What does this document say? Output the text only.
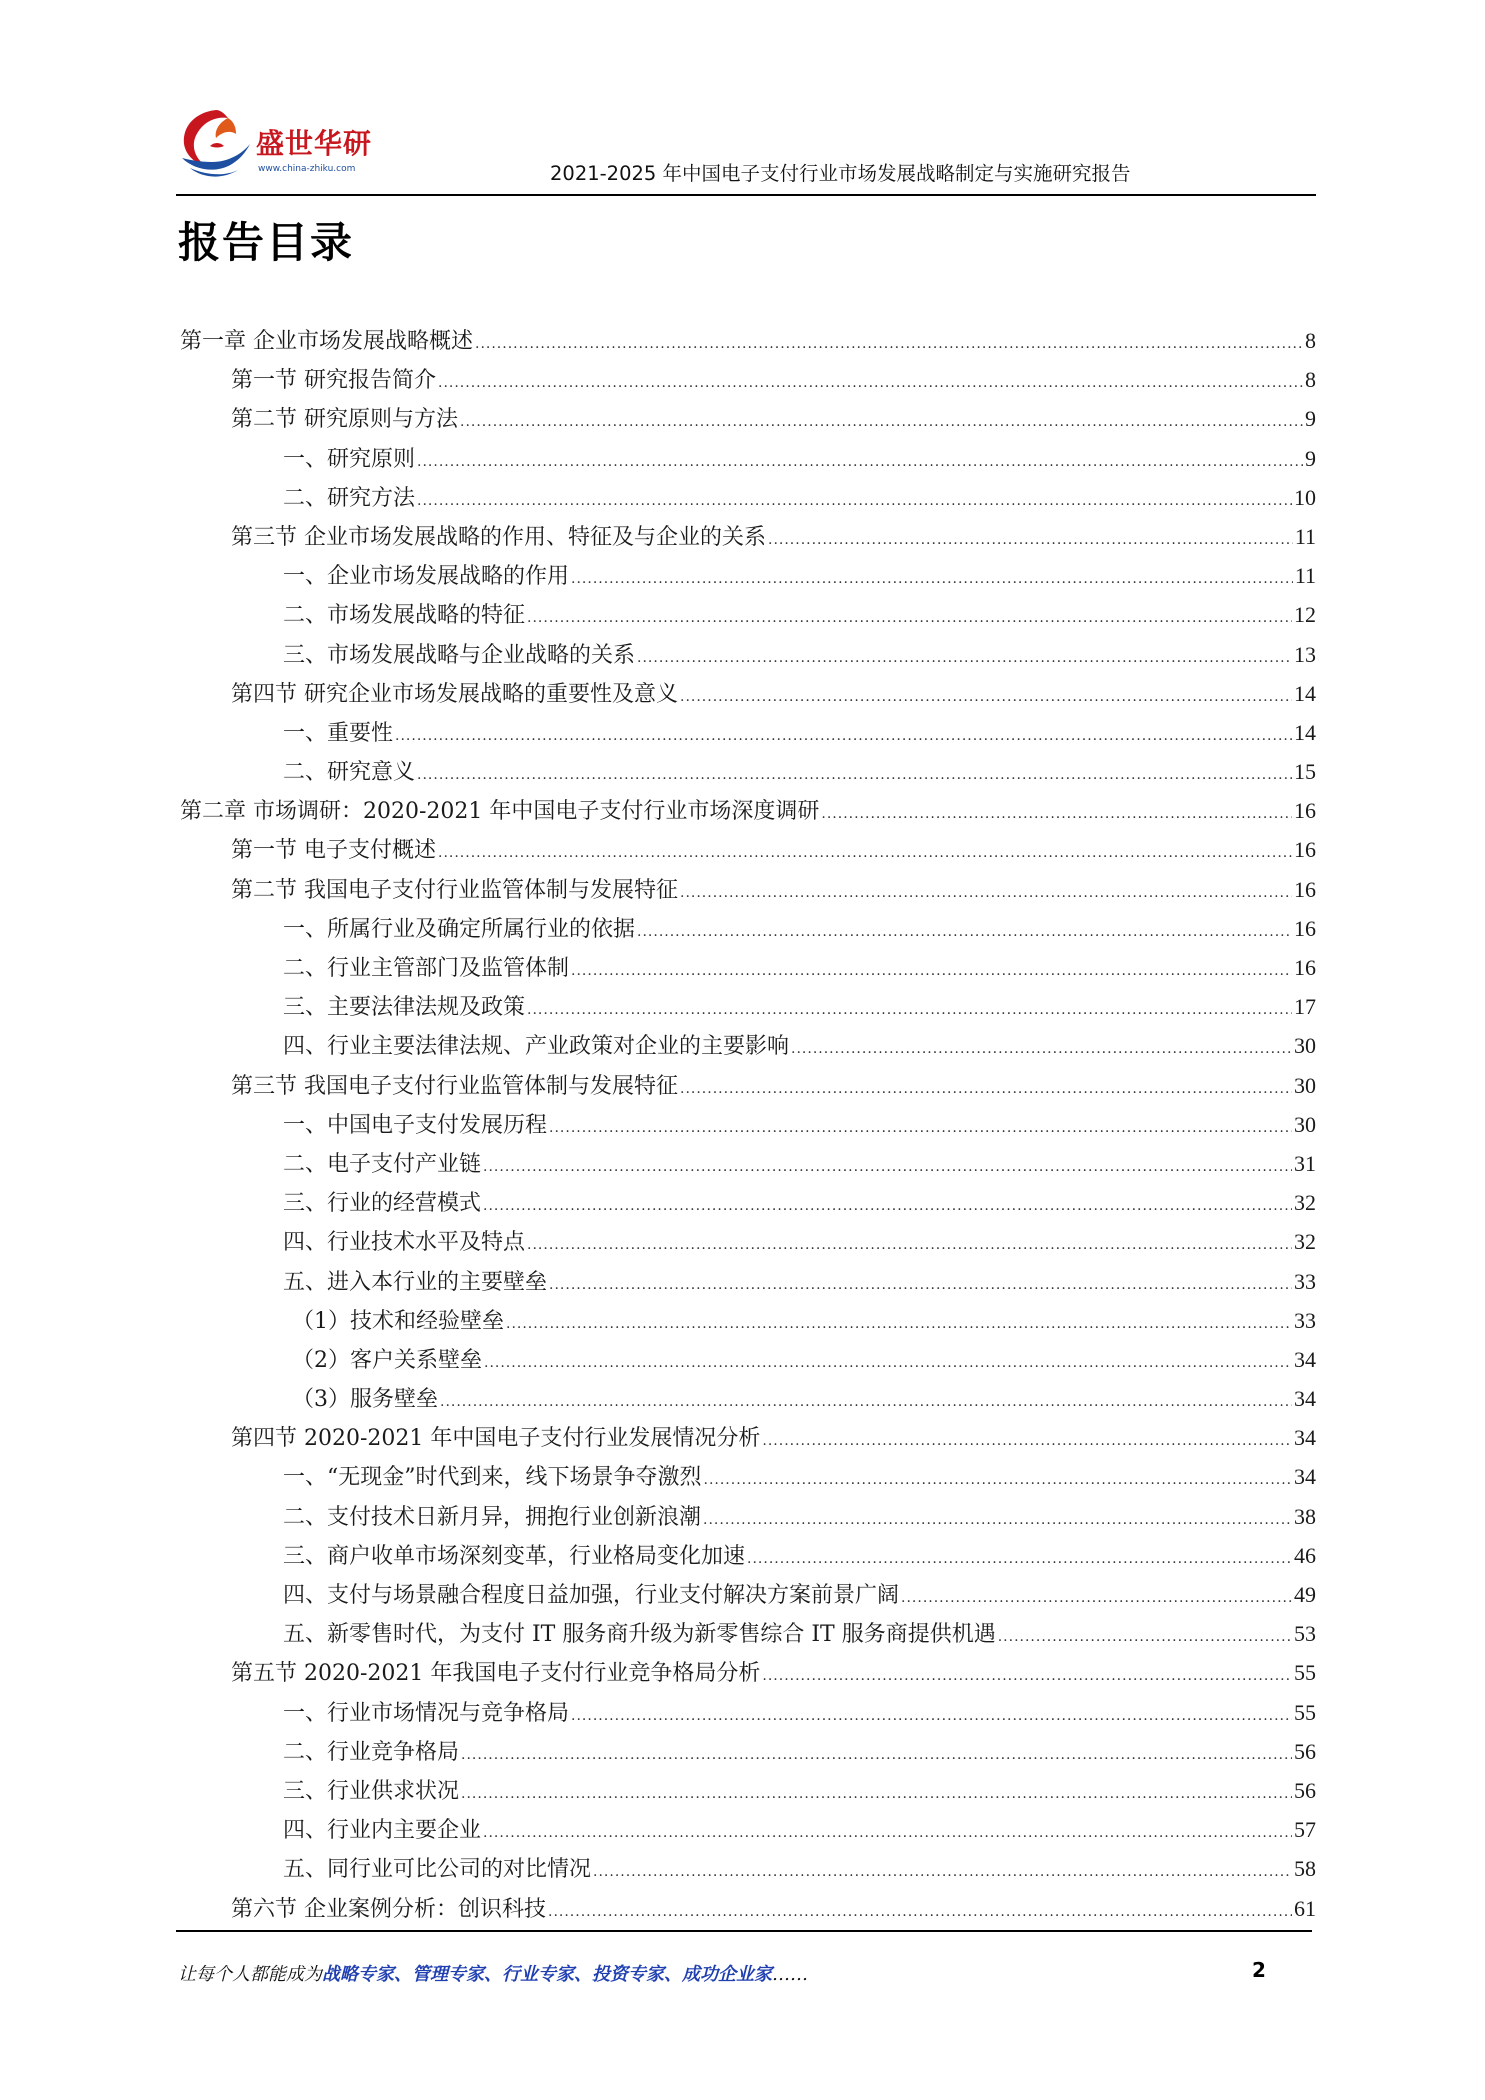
盛世华研
www.china-zhiku.com	2021-2025 年中国电子支付行业市场发展战略制定与实施研究报告
报告目录
第一章 企业市场发展战略概述 .....	8
第一节 研究报告简介 .....	8
第二节 研究原则与方法 .....	9
一、研究原则 .....	9
二、研究方法 .....	10
第三节 企业市场发展战略的作用、特征及与企业的关系 .....	11
一、企业市场发展战略的作用 .....	11
二、市场发展战略的特征 .....	12
三、市场发展战略与企业战略的关系 .....	13
第四节 研究企业市场发展战略的重要性及意义 .....	14
一、重要性 .....	14
二、研究意义 .....	15
第二章 市场调研：2020-2021 年中国电子支付行业市场深度调研 .....	16
第一节 电子支付概述 .....	16
第二节 我国电子支付行业监管体制与发展特征 .....	16
一、所属行业及确定所属行业的依据 .....	16
二、行业主管部门及监管体制 .....	16
三、主要法律法规及政策 .....	17
四、行业主要法律法规、产业政策对企业的主要影响 .....	30
第三节 我国电子支付行业监管体制与发展特征 .....	30
一、中国电子支付发展历程 .....	30
二、电子支付产业链 .....	31
三、行业的经营模式 .....	32
四、行业技术水平及特点 .....	32
五、进入本行业的主要壁垒 .....	33
（1）技术和经验壁垒 .....	33
（2）客户关系壁垒 .....	34
（3）服务壁垒 .....	34
第四节 2020-2021 年中国电子支付行业发展情况分析 .....	34
一、“无现金”时代到来，线下场景争夺激烈 .....	34
二、支付技术日新月异，拥抱行业创新浪潮 .....	38
三、商户收单市场深刻变革，行业格局变化加速 .....	46
四、支付与场景融合程度日益加强，行业支付解决方案前景广阔 .....	49
五、新零售时代，为支付 IT 服务商升级为新零售综合 IT 服务商提供机遇 .....	53
第五节 2020-2021 年我国电子支付行业竞争格局分析 .....	55
一、行业市场情况与竞争格局 .....	55
二、行业竞争格局 .....	56
三、行业供求状况 .....	56
四、行业内主要企业 .....	57
五、同行业可比公司的对比情况 .....	58
第六节 企业案例分析：创识科技 .....	61
让每个人都能成为战略专家、管理专家、行业专家、投资专家、成功企业家……	2
